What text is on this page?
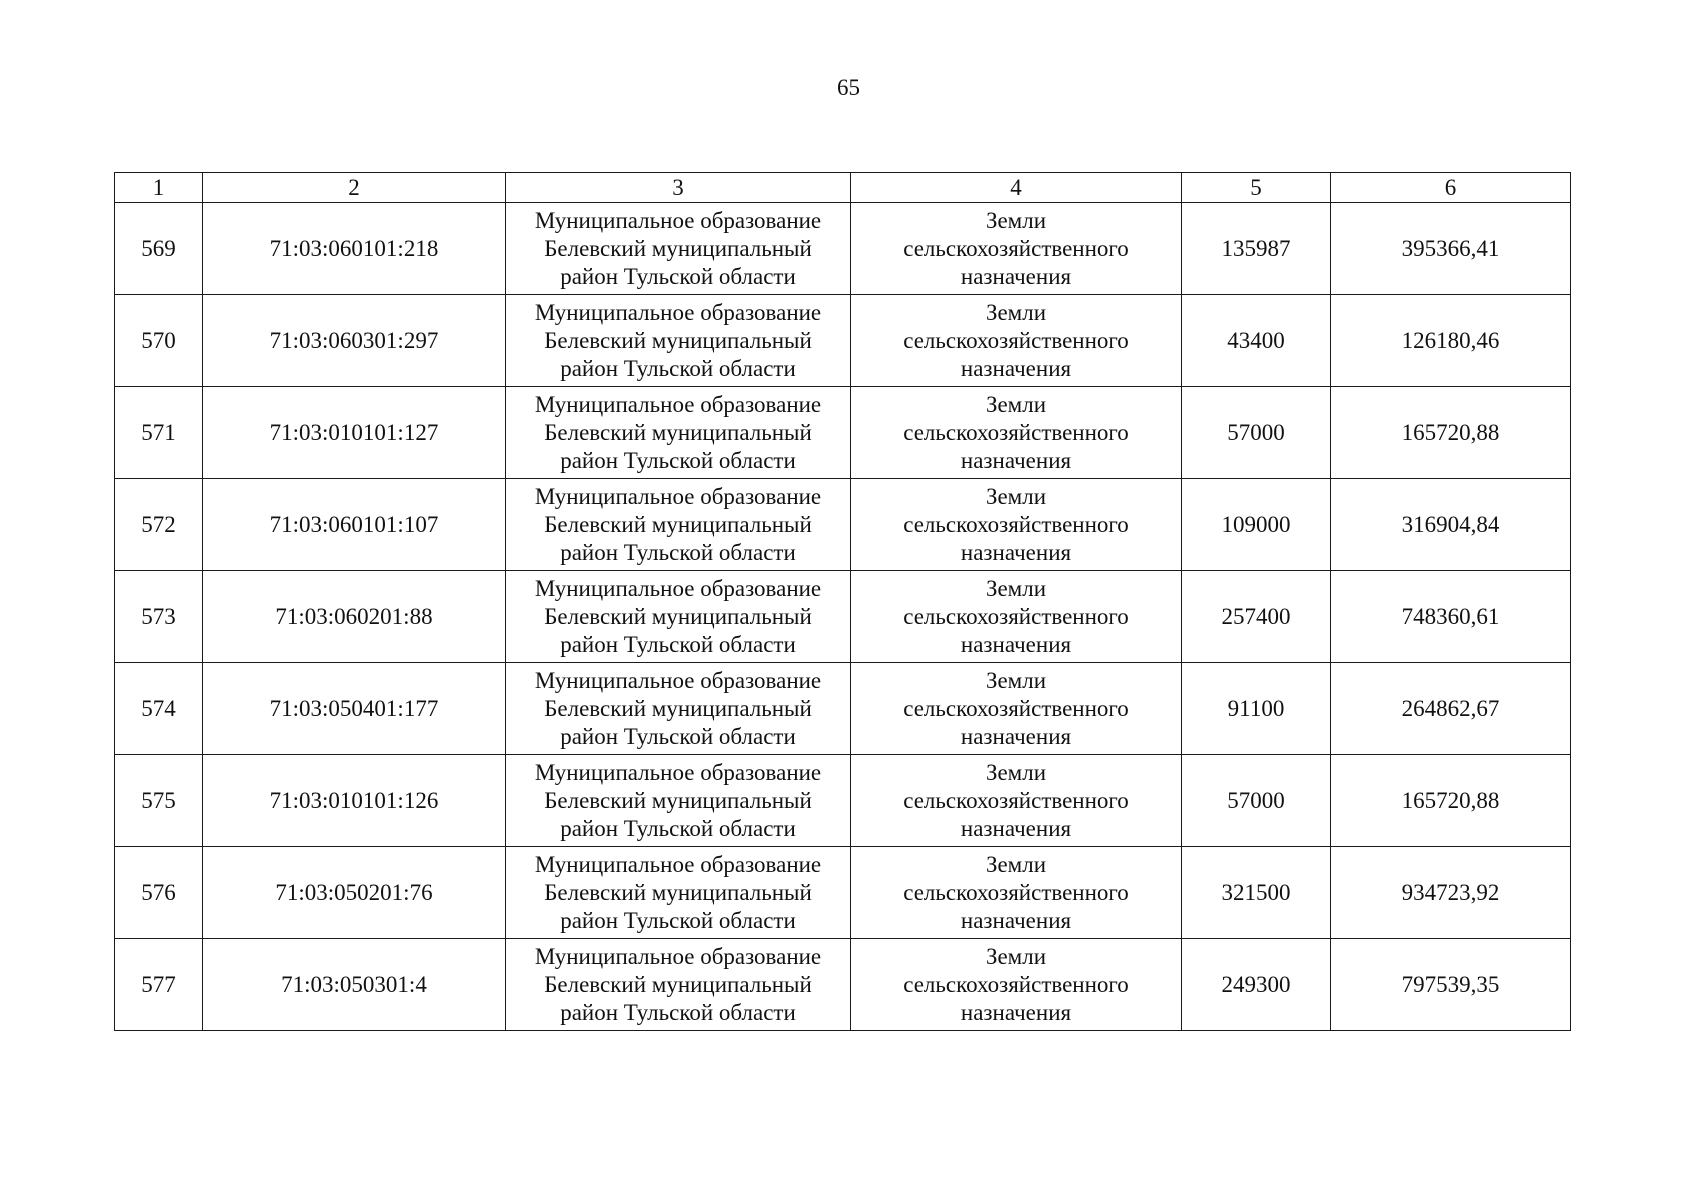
65
1	2	3	4	5	6
569	71:03:060101:218	Муниципальное образование
Белевский муниципальный
район Тульской области	Земли
сельскохозяйственного
назначения	135987	395366,41
570	71:03:060301:297	Муниципальное образование
Белевский муниципальный
район Тульской области	Земли
сельскохозяйственного
назначения	43400	126180,46
571	71:03:010101:127	Муниципальное образование
Белевский муниципальный
район Тульской области	Земли
сельскохозяйственного
назначения	57000	165720,88
572	71:03:060101:107	Муниципальное образование
Белевский муниципальный
район Тульской области	Земли
сельскохозяйственного
назначения	109000	316904,84
573	71:03:060201:88	Муниципальное образование
Белевский муниципальный
район Тульской области	Земли
сельскохозяйственного
назначения	257400	748360,61
574	71:03:050401:177	Муниципальное образование
Белевский муниципальный
район Тульской области	Земли
сельскохозяйственного
назначения	91100	264862,67
575	71:03:010101:126	Муниципальное образование
Белевский муниципальный
район Тульской области	Земли
сельскохозяйственного
назначения	57000	165720,88
576	71:03:050201:76	Муниципальное образование
Белевский муниципальный
район Тульской области	Земли
сельскохозяйственного
назначения	321500	934723,92
577	71:03:050301:4	Муниципальное образование
Белевский муниципальный
район Тульской области	Земли
сельскохозяйственного
назначения	249300	797539,35
